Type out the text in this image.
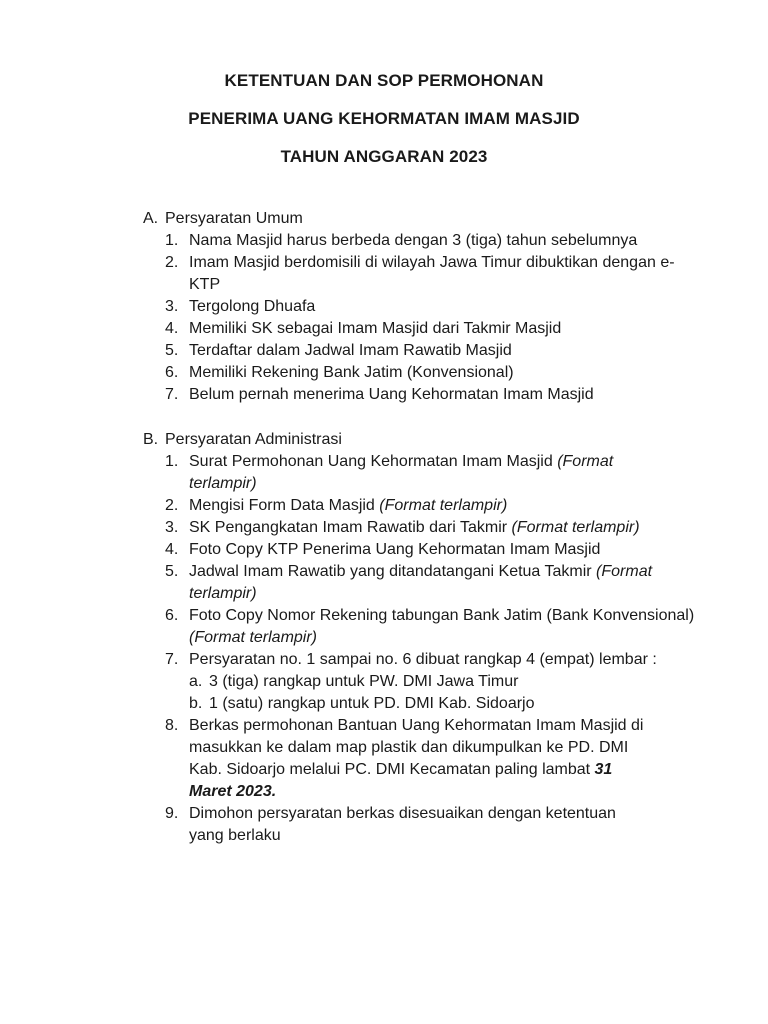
KETENTUAN DAN SOP PERMOHONAN
PENERIMA UANG KEHORMATAN IMAM MASJID
TAHUN ANGGARAN 2023
A. Persyaratan Umum
1. Nama Masjid harus berbeda dengan 3 (tiga) tahun sebelumnya
2. Imam Masjid berdomisili di wilayah Jawa Timur dibuktikan dengan e-
KTP
3. Tergolong Dhuafa
4. Memiliki SK sebagai Imam Masjid dari Takmir Masjid
5. Terdaftar dalam Jadwal Imam Rawatib Masjid
6. Memiliki Rekening Bank Jatim (Konvensional)
7. Belum pernah menerima Uang Kehormatan Imam Masjid
B. Persyaratan Administrasi
1. Surat Permohonan Uang Kehormatan Imam Masjid (Format
terlampir)
2. Mengisi Form Data Masjid (Format terlampir)
3. SK Pengangkatan Imam Rawatib dari Takmir (Format terlampir)
4. Foto Copy KTP Penerima Uang Kehormatan Imam Masjid
5. Jadwal Imam Rawatib yang ditandatangani Ketua Takmir (Format
terlampir)
6. Foto Copy Nomor Rekening tabungan Bank Jatim (Bank Konvensional)
(Format terlampir)
7. Persyaratan no. 1 sampai no. 6 dibuat rangkap 4 (empat) lembar :
a. 3 (tiga) rangkap untuk PW. DMI Jawa Timur
b. 1 (satu) rangkap untuk PD. DMI Kab. Sidoarjo
8. Berkas permohonan Bantuan Uang Kehormatan Imam Masjid di
masukkan ke dalam map plastik dan dikumpulkan ke PD. DMI
Kab. Sidoarjo melalui PC. DMI Kecamatan paling lambat 31
Maret 2023.
9. Dimohon persyaratan berkas disesuaikan dengan ketentuan
yang berlaku
